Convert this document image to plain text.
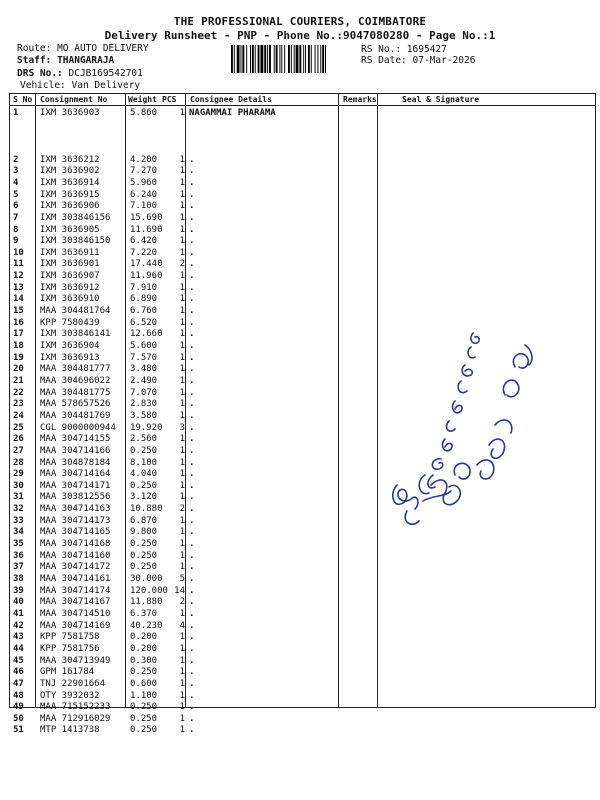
THE PROFESSIONAL COURIERS, COIMBATORE
Delivery Runsheet - PNP - Phone No.:9047080280 - Page No.:1
Route: MO AUTO DELIVERY
Staff: THANGARAJA
DRS No.: DCJB169542701
Vehicle: Van Delivery
RS No.: 1695427
RS Date: 07-Mar-2026
S No Consignment No	Weight PCS Consignee Details	Remarks	Seal & Signature
1 IXM 3636903	5.860	1 NAGAMMAI PHARAMA
2 IXM 3636212	4.200	1 .
3 IXM 3636902	7.270	1 .
4 IXM 3636914	5.960	1 .
5 IXM 3636915	6.240	1 .
6 IXM 3636906	7.100	1 .
7 IXM 303846156 15.690	1 .
8 IXM 3636905	11.690	1 .
9 IXM 303846150 6.420	1 .
10 IXM 3636911	7.220	1 .
11 IXM 3636901	17.440	2 .
12 IXM 3636907	11.960	1 .
13 IXM 3636912	7.910	1 .
14 IXM 3636910	6.890	1 .
15 MAA 304481764 6.760	1 .
16 KPP 7580439	6.520	1 .
17 IXM 303846141 12.660	1 .
18 IXM 3636904	5.600	1 .
19 IXM 3636913	7.570	1 .
20 MAA 304481777 3.480	1 .
21 MAA 304696022 2.490	1 .
22 MAA 304481775 7.070	1 .
23 MAA 578657526 2.830	1 .
24 MAA 304481769 3.580	1 .
25 CGL 9000000944 19.920	3 .
26 MAA 304714155 2.560	1 .
27 MAA 304714166 0.250	1 .
28 MAA 304878184 8.100	1 .
29 MAA 304714164 4.040	1 .
30 MAA 304714171 0.250	1 .
31 MAA 303812556 3.120	1 .
32 MAA 304714163 10.880	2 .
33 MAA 304714173 6.870	1 .
34 MAA 304714165 9.800	1 .
35 MAA 304714168 0.250	1 .
36 MAA 304714160 0.250	1 .
37 MAA 304714172 0.250	1 .
38 MAA 304714161 30.000	5 .
39 MAA 304714174 120.000 14 .
40 MAA 304714167 11.880	2 .
41 MAA 304714510 6.370	1 .
42 MAA 304714169 40.230	4 .
43 KPP 7581758	0.200	1 .
44 KPP 7581756	0.200	1 .
45 MAA 304713949 0.300	1 .
46 GPM 161784	0.250	1 .
47 TNJ 22901664	0.600	1 .
48 OTY 3932032	1.100	1 .
49 MAA 715152233 0.250	1 .
50 MAA 712916029 0.250	1 .
51 MTP 1413738	0.250	1 .
